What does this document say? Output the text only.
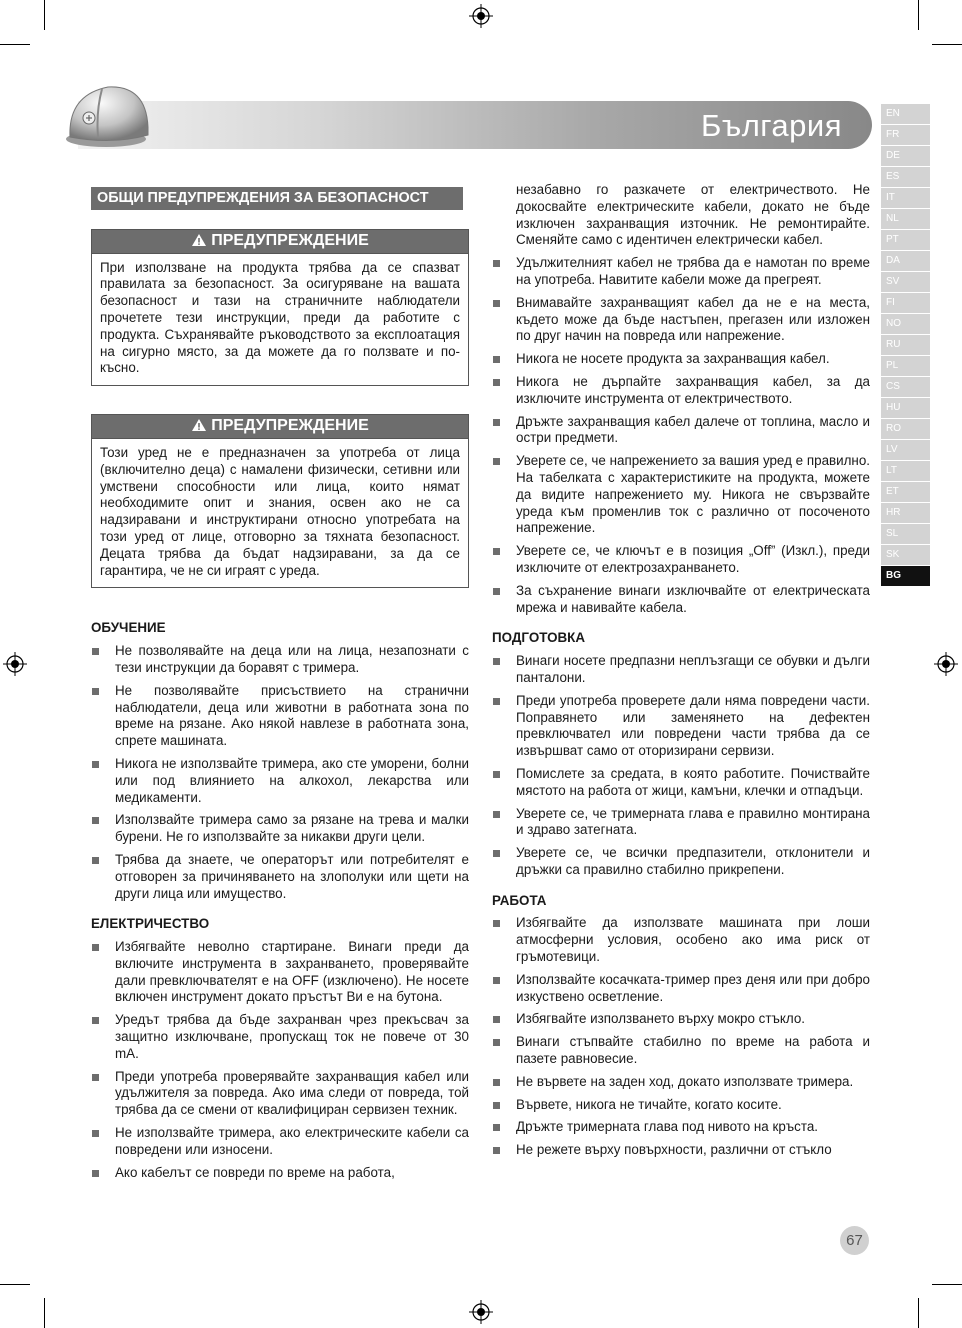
България	EN
FR
DE
ES
IT
NL
PT
DA
SV
FI
NO
RU
PL
CS
HU
RO
LV
LT
ET
HR
SL
SK
BG
ОБЩИ ПРЕДУПРЕЖДЕНИЯ ЗА БЕЗОПАСНОСТ
ПРЕДУПРЕЖДЕНИЕ
При използване на продукта трябва да се спазват правилата за безопасност. За осигуряване на вашата безопасност и тази на страничните наблюдатели прочетете тези инструкции, преди да работите с продукта. Съхранявайте ръководството за експлоатация на сигурно място, за да можете да го ползвате и по-късно.
ПРЕДУПРЕЖДЕНИЕ
Този уред не е предназначен за употреба от лица (включително деца) с намалени физически, сетивни или умствени способности или лица, които нямат необходимите опит и знания, освен ако не са надзиравани и инструктирани относно употребата на този уред от лице, отговорно за тяхната безопасност. Децата трябва да бъдат надзиравани, за да се гарантира, че не си играят с уреда.
ОБУЧЕНИЕ
Не позволявайте на деца или на лица, незапознати с тези инструкции да боравят с тримера.
Не позволявайте присъствието на странични наблюдатели, деца или животни в работната зона по време на рязане. Ако някой навлезе в работната зона, спрете машината.
Никога не използвайте тримера, ако сте уморени, болни или под влиянието на алкохол, лекарства или медикаменти.
Използвайте тримера само за рязане на трева и малки бурени. Не го използвайте за никакви други цели.
Трябва да знаете, че операторът или потребителят е отговорен за причиняването на злополуки или щети на други лица или имущество.
ЕЛЕКТРИЧЕСТВО
Избягвайте неволно стартиране. Винаги преди да включите инструмента в захранването, проверявайте дали превключвателят е на OFF (изключено). Не носете включен инструмент докато пръстът Ви е на бутона.
Уредът трябва да бъде захранван чрез прекъсвач за защитно изключване, пропускащ ток не повече от 30 mA.
Преди употреба проверявайте захранващия кабел или удължителя за повреда. Ако има следи от повреда, той трябва да се смени от квалифициран сервизен техник.
Не използвайте тримера, ако електрическите кабели са повредени или износени.
Ако кабелът се повреди по време на работа,
незабавно го разкачете от електричеството. Не докосвайте електрическите кабели, докато не бъде изключен захранващия източник. Не ремонтирайте. Сменяйте само с идентичен електрически кабел.
Удължителният кабел не трябва да е намотан по време на употреба. Навитите кабели може да прегреят.
Внимавайте захранващият кабел да не е на места, където може да бъде настъпен, прегазен или изложен по друг начин на повреда или напрежение.
Никога не носете продукта за захранващия кабел.
Никога не дърпайте захранващия кабел, за да изключите инструмента от електричеството.
Дръжте захранващия кабел далече от топлина, масло и остри предмети.
Уверете се, че напрежението за вашия уред е правилно. На табелката с характеристиките на продукта, можете да видите напрежението му. Никога не свързвайте уреда към променлив ток с различно от посоченото напрежение.
Уверете се, че ключът е в позиция „Off” (Изкл.), преди изключите от електрозахранването.
За съхранение винаги изключвайте от електрическата мрежа и навивайте кабела.
ПОДГОТОВКА
Винаги носете предпазни неплъзгащи се обувки и дълги панталони.
Преди употреба проверете дали няма повредени части. Поправянето или заменянето на дефектен превключвател или повредени части трябва да се извършват само от оторизирани сервизи.
Помислете за средата, в която работите. Почиствайте мястото на работа от жици, камъни, клечки и отпадъци.
Уверете се, че тримерната глава е правилно монтирана и здраво затегната.
Уверете се, че всички предпазители, отклонители и дръжки са правилно стабилно прикрепени.
РАБОТА
Избягвайте да използвате машината при лоши атмосферни условия, особено ако има риск от гръмотевици.
Използвайте косачката-тример през деня или при добро изкуствено осветление.
Избягвайте използването върху мокро стъкло.
Винаги стъпвайте стабилно по време на работа и пазете равновесие.
Не вървете на заден ход, докато използвате тримера.
Вървете, никога не тичайте, когато косите.
Дръжте тримерната глава под нивото на кръста.
Не режете върху повърхности, различни от стъкло
67
